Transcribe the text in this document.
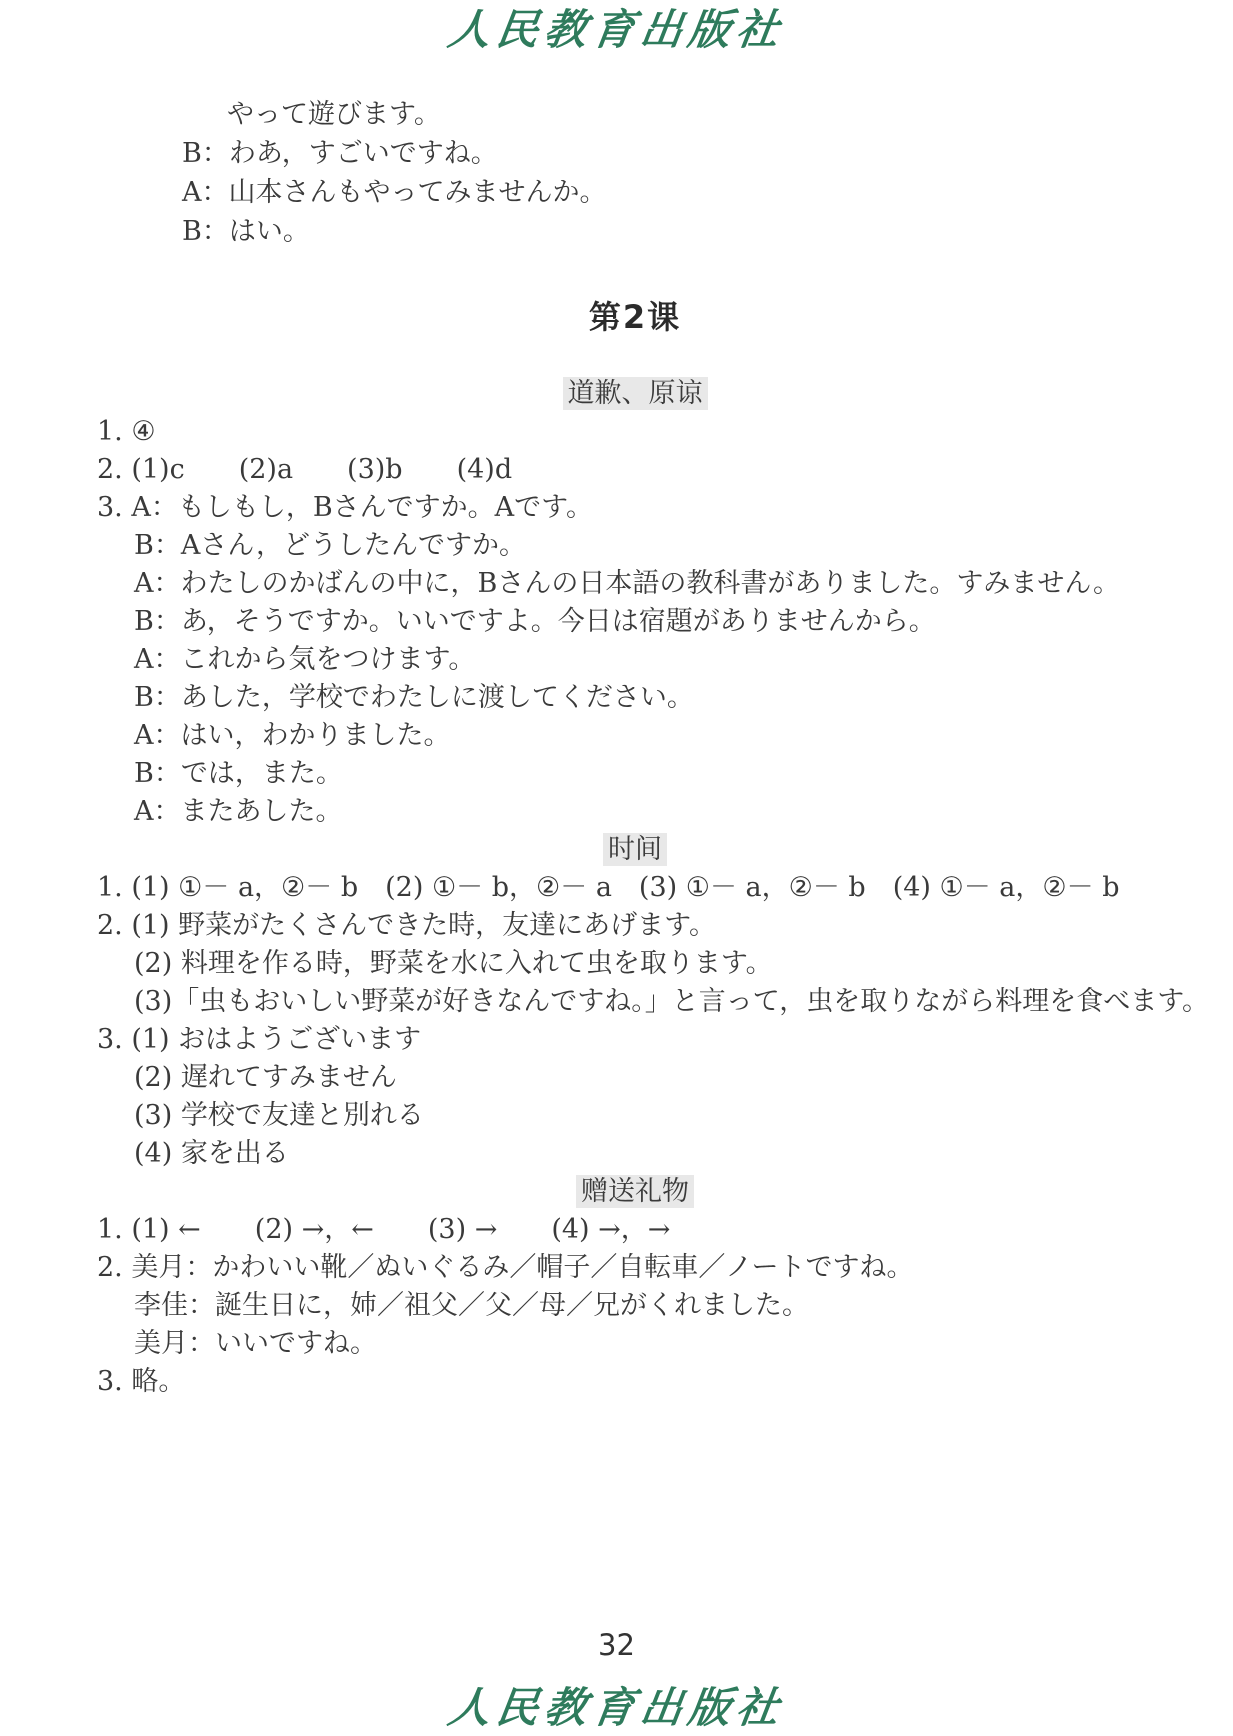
人民教育出版社

やって遊びます。

B：わあ，すごいですね。

A：山本さんもやってみませんか。

B：はい。

第2课
道歉、原谅

1. ④

2. (1)c　　(2)a　　(3)b　　(4)d

3. A：もしもし，Bさんですか。Aです。

B：Aさん，どうしたんですか。

A：わたしのかばんの中に，Bさんの日本語の教科書がありました。すみません。

B：あ，そうですか。いいですよ。今日は宿題がありませんから。

A：これから気をつけます。

B：あした，学校でわたしに渡してください。

A：はい，わかりました。

B：では，また。

A：またあした。

时间

1. (1) ①－ a，②－ b　(2) ①－ b，②－ a　(3) ①－ a，②－ b　(4) ①－ a，②－ b

2. (1) 野菜がたくさんできた時，友達にあげます。

(2) 料理を作る時，野菜を水に入れて虫を取ります。

(3)「虫もおいしい野菜が好きなんですね。」と言って，虫を取りながら料理を食べます。

3. (1) おはようございます

(2) 遅れてすみません

(3) 学校で友達と別れる

(4) 家を出る

赠送礼物

1. (1) ←　　(2) →，←　　(3) →　　(4) →，→

2. 美月：かわいい靴／ぬいぐるみ／帽子／自転車／ノートですね。

李佳：誕生日に，姉／祖父／父／母／兄がくれました。

美月：いいですね。

3. 略。

32
人民教育出版社
